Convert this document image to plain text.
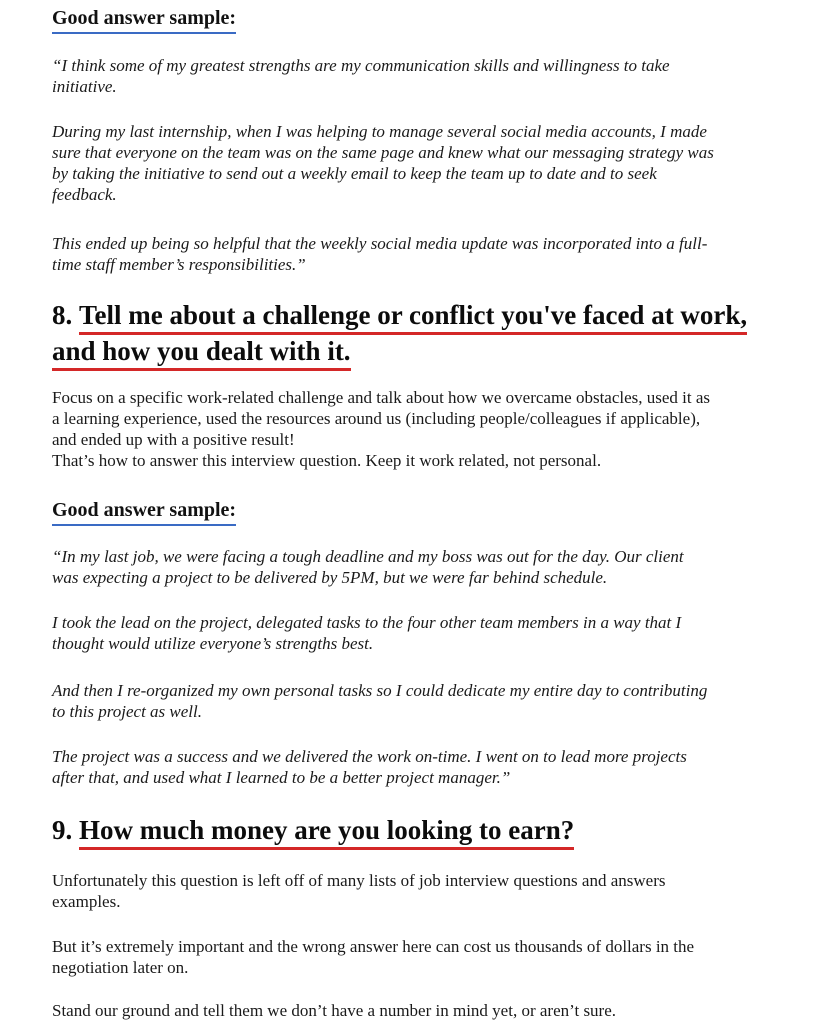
Good answer sample:
“I think some of my greatest strengths are my communication skills and willingness to take
initiative.
During my last internship, when I was helping to manage several social media accounts, I made
sure that everyone on the team was on the same page and knew what our messaging strategy was
by taking the initiative to send out a weekly email to keep the team up to date and to seek
feedback.
This ended up being so helpful that the weekly social media update was incorporated into a full-
time staff member’s responsibilities.”
8. Tell me about a challenge or conflict you've faced at work,
and how you dealt with it.
Focus on a specific work-related challenge and talk about how we overcame obstacles, used it as
a learning experience, used the resources around us (including people/colleagues if applicable),
and ended up with a positive result!
That’s how to answer this interview question. Keep it work related, not personal.
Good answer sample:
“In my last job, we were facing a tough deadline and my boss was out for the day. Our client
was expecting a project to be delivered by 5PM, but we were far behind schedule.
I took the lead on the project, delegated tasks to the four other team members in a way that I
thought would utilize everyone’s strengths best.
And then I re-organized my own personal tasks so I could dedicate my entire day to contributing
to this project as well.
The project was a success and we delivered the work on-time. I went on to lead more projects
after that, and used what I learned to be a better project manager.”
9. How much money are you looking to earn?
Unfortunately this question is left off of many lists of job interview questions and answers
examples.
But it’s extremely important and the wrong answer here can cost us thousands of dollars in the
negotiation later on.
Stand our ground and tell them we don’t have a number in mind yet, or aren’t sure.
